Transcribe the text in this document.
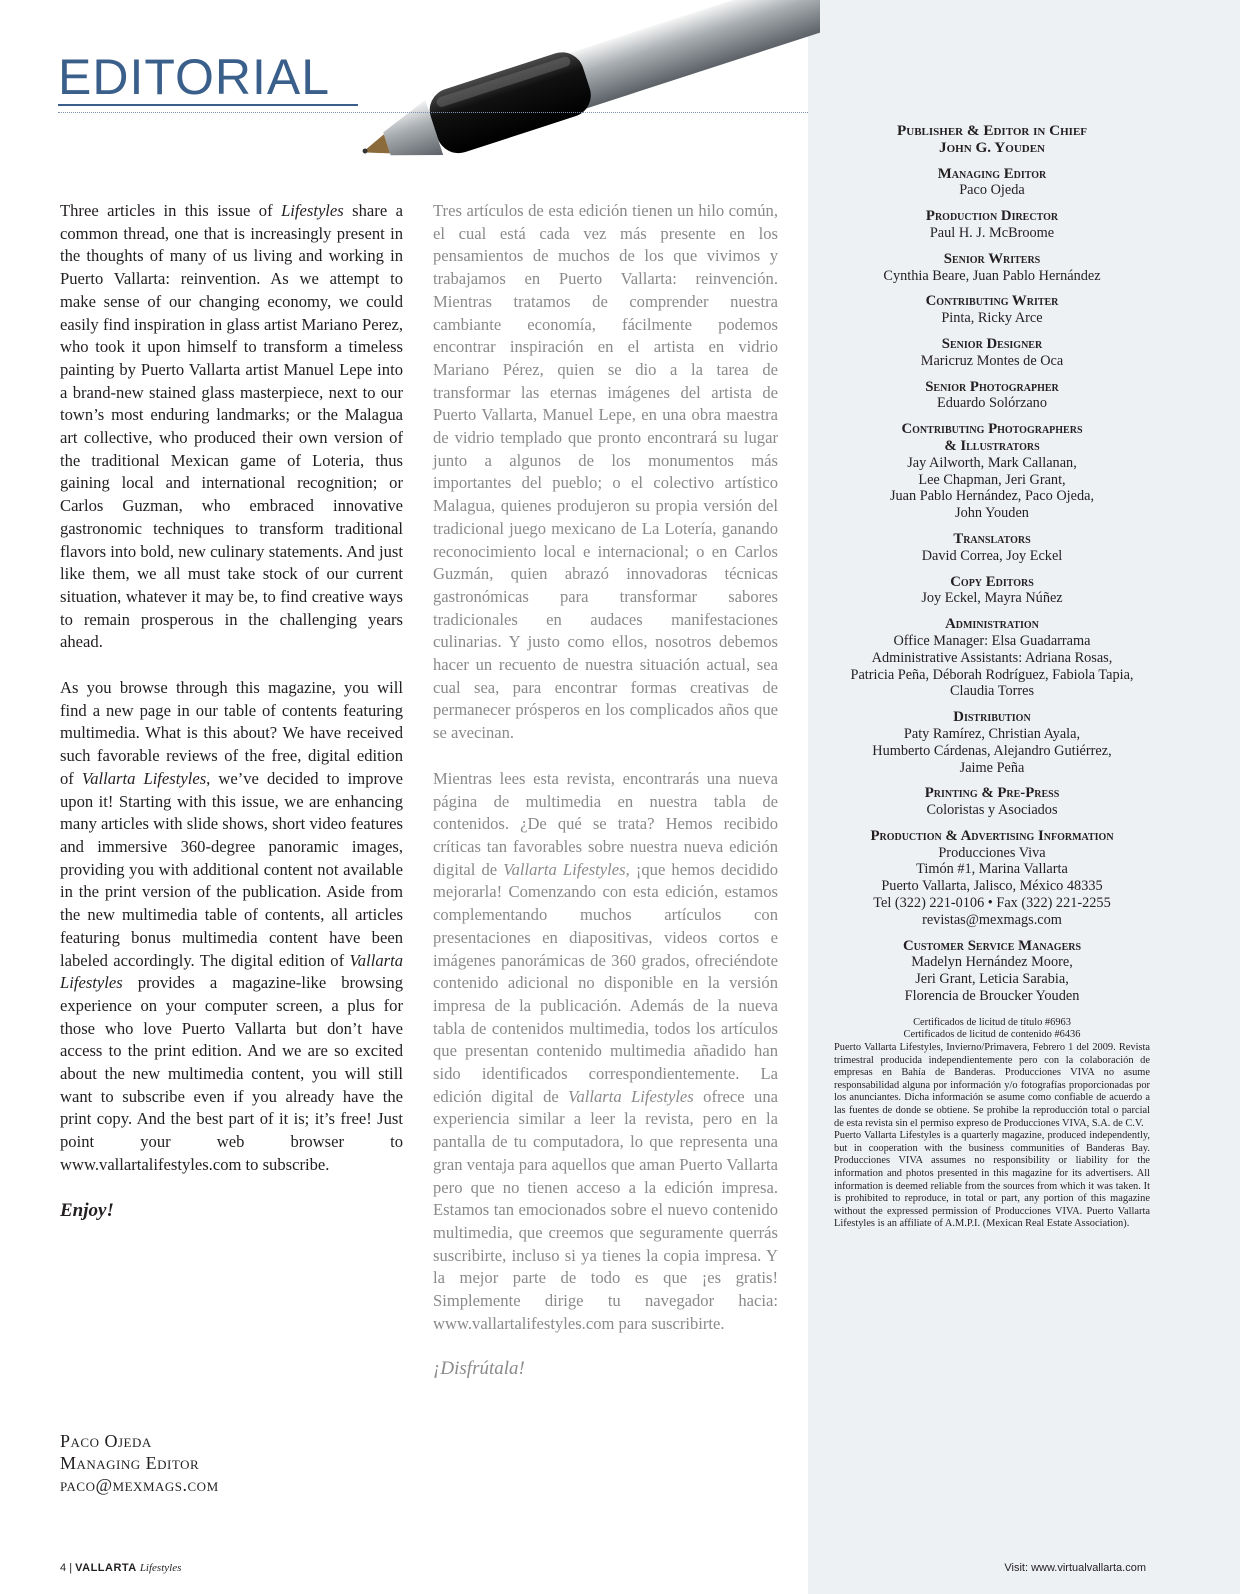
EDITORIAL

Three articles in this issue of Lifestyles share a common thread, one that is increasingly present in the thoughts of many of us living and working in Puerto Vallarta: reinvention. As we attempt to make sense of our changing economy, we could easily find inspiration in glass artist Mariano Perez, who took it upon himself to transform a timeless painting by Puerto Vallarta artist Manuel Lepe into a brand-new stained glass masterpiece, next to our town’s most enduring landmarks; or the Malagua art collective, who produced their own version of the traditional Mexican game of Loteria, thus gaining local and international recognition; or Carlos Guzman, who embraced innovative gastronomic techniques to transform traditional flavors into bold, new culinary statements. And just like them, we all must take stock of our current situation, whatever it may be, to find creative ways to remain prosperous in the challenging years ahead.

As you browse through this magazine, you will find a new page in our table of contents featuring multimedia. What is this about? We have received such favorable reviews of the free, digital edition of Vallarta Lifestyles, we’ve decided to improve upon it! Starting with this issue, we are enhancing many articles with slide shows, short video features and immersive 360-degree panoramic images, providing you with additional content not available in the print version of the publication. Aside from the new multimedia table of contents, all articles featuring bonus multimedia content have been labeled accordingly. The digital edition of Vallarta Lifestyles provides a magazine-like browsing experience on your computer screen, a plus for those who love Puerto Vallarta but don’t have access to the print edition. And we are so excited about the new multimedia content, you will still want to subscribe even if you already have the print copy. And the best part of it is; it’s free! Just point your web browser to www.vallartalifestyles.com to subscribe.

Enjoy!

Tres artículos de esta edición tienen un hilo común, el cual está cada vez más presente en los pensamientos de muchos de los que vivimos y trabajamos en Puerto Vallarta: reinvención. Mientras tratamos de comprender nuestra cambiante economía, fácilmente podemos encontrar inspiración en el artista en vidrio Mariano Pérez, quien se dio a la tarea de transformar las eternas imágenes del artista de Puerto Vallarta, Manuel Lepe, en una obra maestra de vidrio templado que pronto encontrará su lugar junto a algunos de los monumentos más importantes del pueblo; o el colectivo artístico Malagua, quienes produjeron su propia versión del tradicional juego mexicano de La Lotería, ganando reconocimiento local e internacional; o en Carlos Guzmán, quien abrazó innovadoras técnicas gastronómicas para transformar sabores tradicionales en audaces manifestaciones culinarias. Y justo como ellos, nosotros debemos hacer un recuento de nuestra situación actual, sea cual sea, para encontrar formas creativas de permanecer prósperos en los complicados años que se avecinan.

Mientras lees esta revista, encontrarás una nueva página de multimedia en nuestra tabla de contenidos. ¿De qué se trata? Hemos recibido críticas tan favorables sobre nuestra nueva edición digital de Vallarta Lifestyles, ¡que hemos decidido mejorarla! Comenzando con esta edición, estamos complementando muchos artículos con presentaciones en diapositivas, videos cortos e imágenes panorámicas de 360 grados, ofreciéndote contenido adicional no disponible en la versión impresa de la publicación. Además de la nueva tabla de contenidos multimedia, todos los artículos que presentan contenido multimedia añadido han sido identificados correspondientemente. La edición digital de Vallarta Lifestyles ofrece una experiencia similar a leer la revista, pero en la pantalla de tu computadora, lo que representa una gran ventaja para aquellos que aman Puerto Vallarta pero que no tienen acceso a la edición impresa. Estamos tan emocionados sobre el nuevo contenido multimedia, que creemos que seguramente querrás suscribirte, incluso si ya tienes la copia impresa. Y la mejor parte de todo es que ¡es gratis! Simplemente dirige tu navegador hacia: www.vallartalifestyles.com para suscribirte.

¡Disfrútala!
Paco Ojeda
Managing Editor
paco@mexmags.com
Publisher & Editor in Chief
John G. Youden
Managing Editor
Paco Ojeda
Production Director
Paul H. J. McBroome
Senior Writers
Cynthia Beare, Juan Pablo Hernández
Contributing Writer
Pinta, Ricky Arce
Senior Designer
Maricruz Montes de Oca
Senior Photographer
Eduardo Solórzano
Contributing Photographers
& Illustrators
Jay Ailworth, Mark Callanan,
Lee Chapman, Jeri Grant,
Juan Pablo Hernández, Paco Ojeda,
John Youden
Translators
David Correa, Joy Eckel
Copy Editors
Joy Eckel, Mayra Núñez
Administration
Office Manager: Elsa Guadarrama
Administrative Assistants: Adriana Rosas,
Patricia Peña, Déborah Rodríguez, Fabiola Tapia,
Claudia Torres
Distribution
Paty Ramírez, Christian Ayala,
Humberto Cárdenas, Alejandro Gutiérrez,
Jaime Peña
Printing & Pre-Press
Coloristas y Asociados
Production & Advertising Information
Producciones Viva
Timón #1, Marina Vallarta
Puerto Vallarta, Jalisco, México 48335
Tel (322) 221-0106 • Fax (322) 221-2255
revistas@mexmags.com
Customer Service Managers
Madelyn Hernández Moore,
Jeri Grant, Leticia Sarabia,
Florencia de Broucker Youden
Certificados de licitud de título #6963
Certificados de licitud de contenido #6436
Puerto Vallarta Lifestyles, Invierno/Primavera, Febrero 1 del 2009. Revista trimestral producida independientemente pero con la colaboración de empresas en Bahía de Banderas. Producciones VIVA no asume responsabilidad alguna por información y/o fotografías proporcionadas por los anunciantes. Dicha información se asume como confiable de acuerdo a las fuentes de donde se obtiene. Se prohibe la reproducción total o parcial de esta revista sin el permiso expreso de Producciones VIVA, S.A. de C.V.
Puerto Vallarta Lifestyles is a quarterly magazine, produced independently, but in cooperation with the business communities of Banderas Bay. Producciones VIVA assumes no responsibility or liability for the information and photos presented in this magazine for its advertisers. All information is deemed reliable from the sources from which it was taken. It is prohibited to reproduce, in total or part, any portion of this magazine without the expressed permission of Producciones VIVA. Puerto Vallarta Lifestyles is an affiliate of A.M.P.I. (Mexican Real Estate Association).
4 | VALLARTA Lifestyles	Visit: www.virtualvallarta.com
